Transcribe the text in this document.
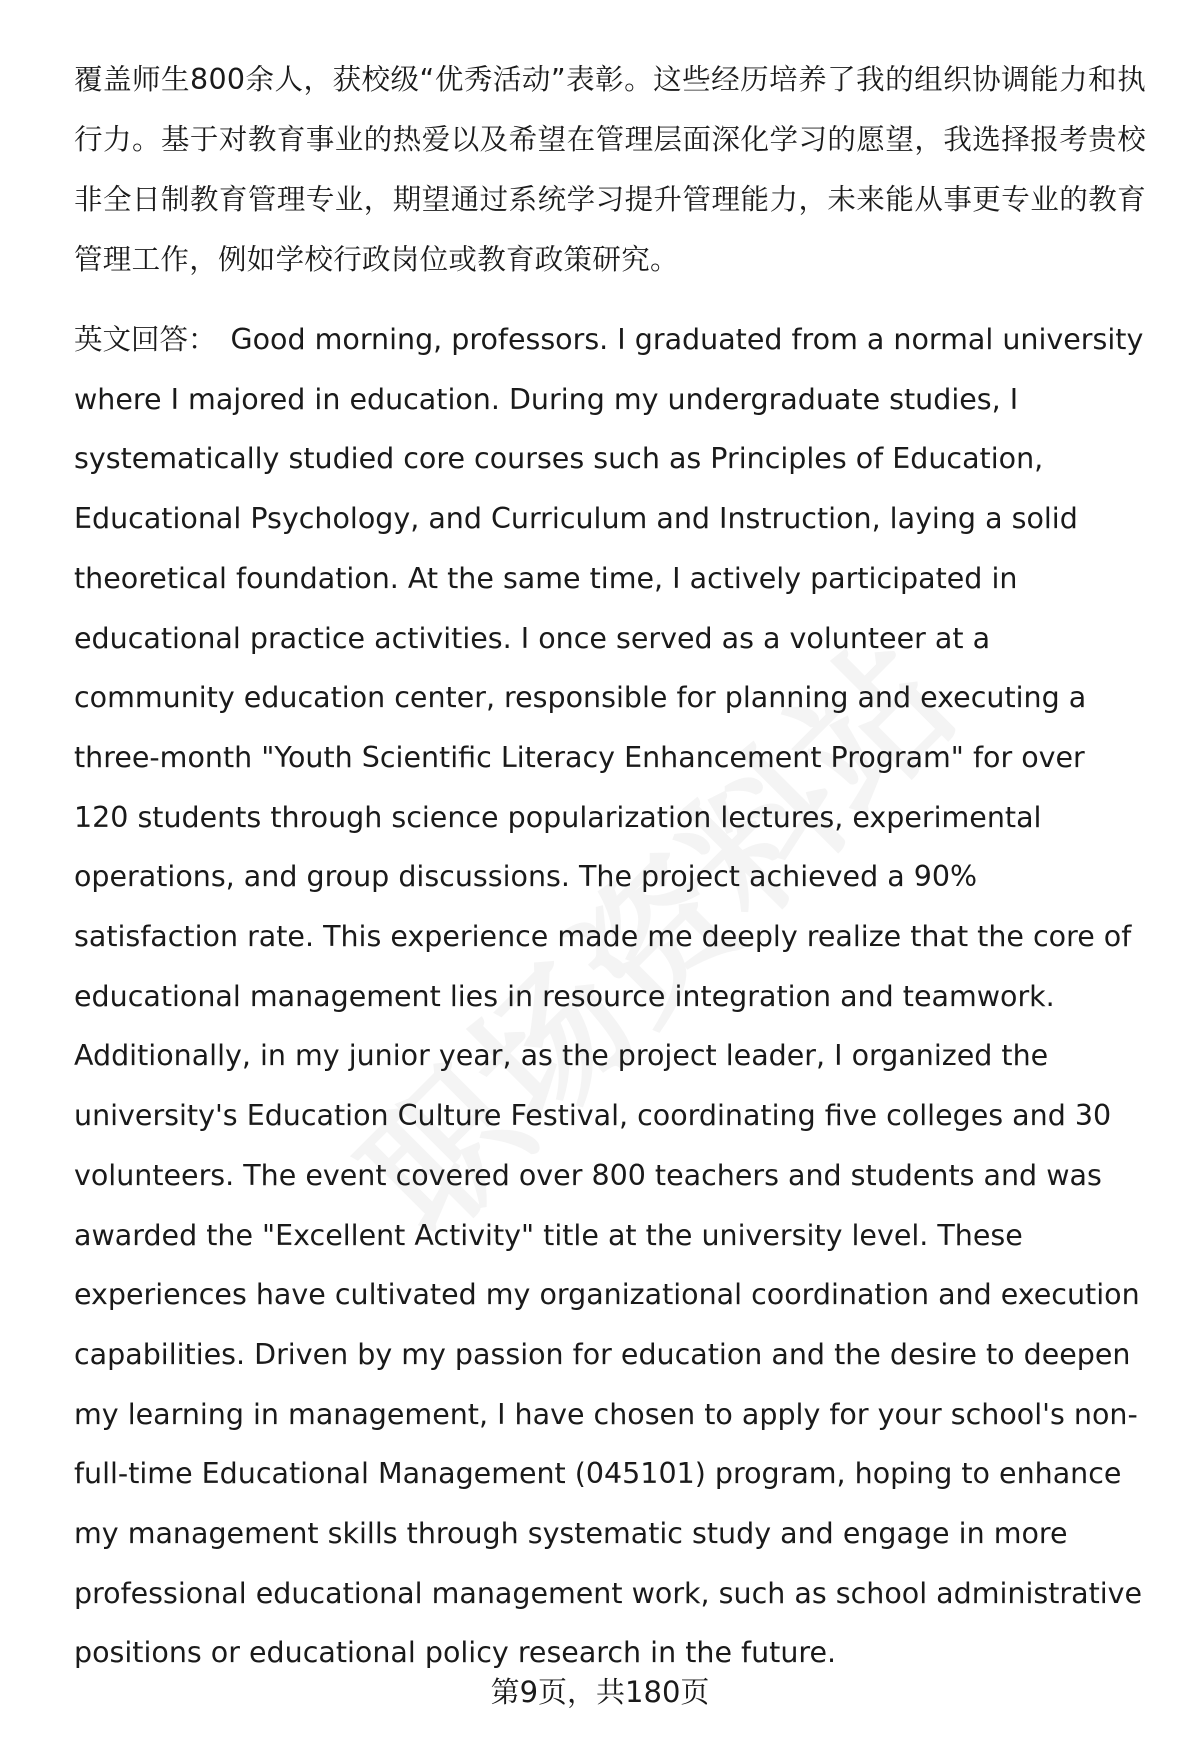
覆盖师生800余人，获校级“优秀活动”表彰。这些经历培养了我的组织协调能力和执行力。基于对教育事业的热爱以及希望在管理层面深化学习的愿望，我选择报考贵校非全日制教育管理专业，期望通过系统学习提升管理能力，未来能从事更专业的教育管理工作，例如学校行政岗位或教育政策研究。

英文回答： Good morning, professors. I graduated from a normal university where I majored in education. During my undergraduate studies, I systematically studied core courses such as Principles of Education, Educational Psychology, and Curriculum and Instruction, laying a solid theoretical foundation. At the same time, I actively participated in educational practice activities. I once served as a volunteer at a community education center, responsible for planning and executing a three-month "Youth Scientific Literacy Enhancement Program" for over 120 students through science popularization lectures, experimental operations, and group discussions. The project achieved a 90% satisfaction rate. This experience made me deeply realize that the core of educational management lies in resource integration and teamwork. Additionally, in my junior year, as the project leader, I organized the university's Education Culture Festival, coordinating five colleges and 30 volunteers. The event covered over 800 teachers and students and was awarded the "Excellent Activity" title at the university level. These experiences have cultivated my organizational coordination and execution capabilities. Driven by my passion for education and the desire to deepen my learning in management, I have chosen to apply for your school's non-full-time Educational Management (045101) program, hoping to enhance my management skills through systematic study and engage in more professional educational management work, such as school administrative positions or educational policy research in the future.

第9页，共180页
